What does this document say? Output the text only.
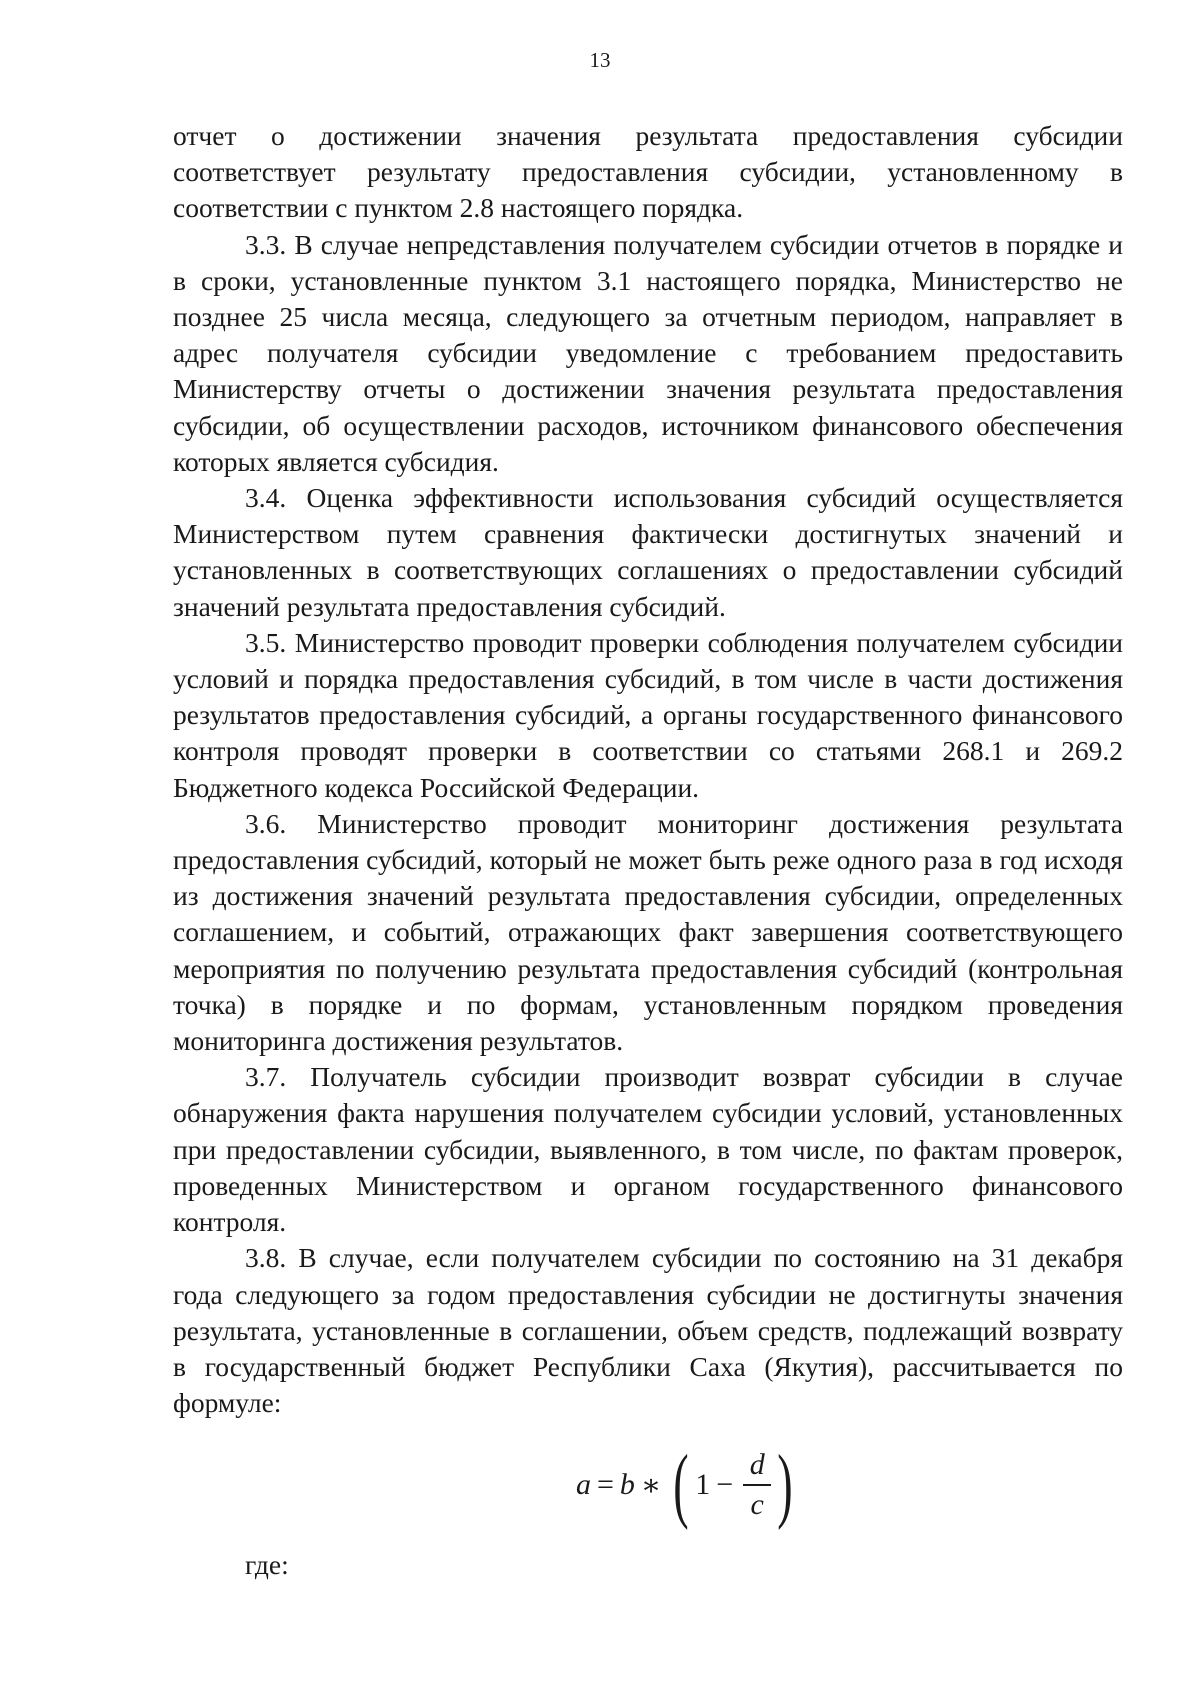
13

отчет о достижении значения результата предоставления субсидии соответствует результату предоставления субсидии, установленному в соответствии с пунктом 2.8 настоящего порядка.

3.3. В случае непредставления получателем субсидии отчетов в порядке и в сроки, установленные пунктом 3.1 настоящего порядка, Министерство не позднее 25 числа месяца, следующего за отчетным периодом, направляет в адрес получателя субсидии уведомление с требованием предоставить Министерству отчеты о достижении значения результата предоставления субсидии, об осуществлении расходов, источником финансового обеспечения которых является субсидия.

3.4. Оценка эффективности использования субсидий осуществляется Министерством путем сравнения фактически достигнутых значений и установленных в соответствующих соглашениях о предоставлении субсидий значений результата предоставления субсидий.

3.5. Министерство проводит проверки соблюдения получателем субсидии условий и порядка предоставления субсидий, в том числе в части достижения результатов предоставления субсидий, а органы государственного финансового контроля проводят проверки в соответствии со статьями 268.1 и 269.2 Бюджетного кодекса Российской Федерации.

3.6. Министерство проводит мониторинг достижения результата предоставления субсидий, который не может быть реже одного раза в год исходя из достижения значений результата предоставления субсидии, определенных соглашением, и событий, отражающих факт завершения соответствующего мероприятия по получению результата предоставления субсидий (контрольная точка) в порядке и по формам, установленным порядком проведения мониторинга достижения результатов.

3.7. Получатель субсидии производит возврат субсидии в случае обнаружения факта нарушения получателем субсидии условий, установленных при предоставлении субсидии, выявленного, в том числе, по фактам проверок, проведенных Министерством и органом государственного финансового контроля.

3.8. В случае, если получателем субсидии по состоянию на 31 декабря года следующего за годом предоставления субсидии не достигнуты значения результата, установленные в соглашении, объем средств, подлежащий возврату в государственный бюджет Республики Саха (Якутия), рассчитывается по формуле:

a = b ∗ ( $1 - \frac{d}{c}$ )
где:
